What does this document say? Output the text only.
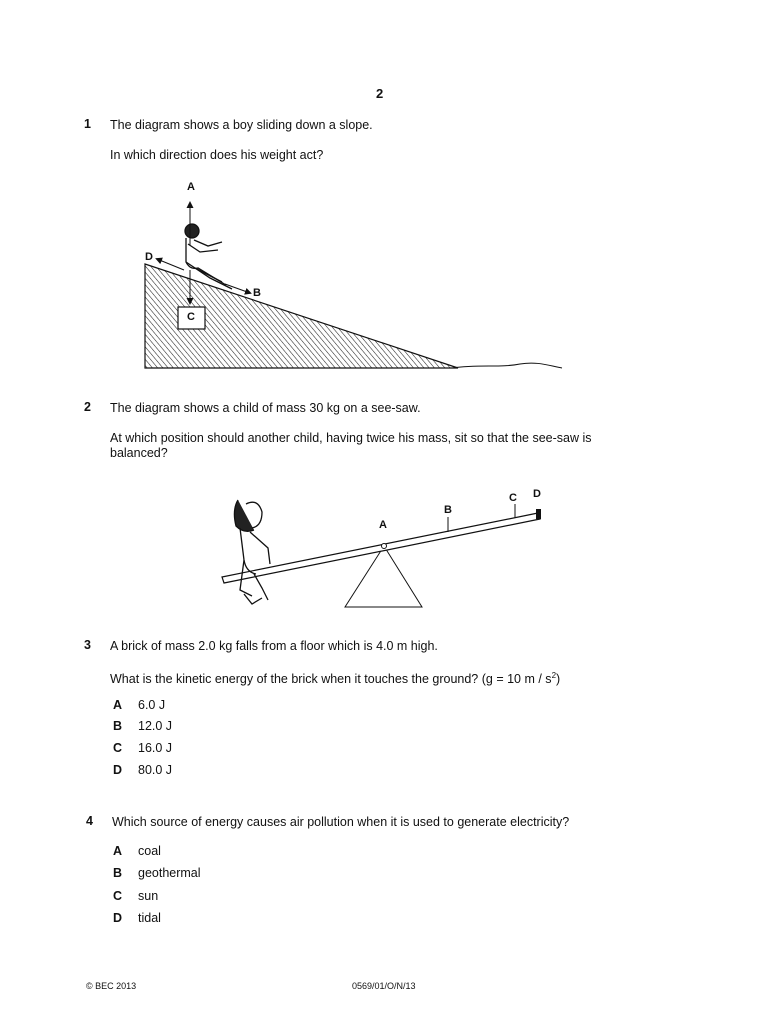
2
1 The diagram shows a boy sliding down a slope.
In which direction does his weight act?
A
D
B
C
2 The diagram shows a child of mass 30 kg on a see-saw.
At which position should another child, having twice his mass, sit so that the see-saw is
balanced?
A
B
C D
3 A brick of mass 2.0 kg falls from a floor which is 4.0 m high.
What is the kinetic energy of the brick when it touches the ground? (g = 10 m / $s^2$)
A 6.0 J
B 12.0 J
C 16.0 J
D 80.0 J
4 Which source of energy causes air pollution when it is used to generate electricity?
A coal
B geothermal
C sun
D tidal
© BEC 2013	0569/01/O/N/13
